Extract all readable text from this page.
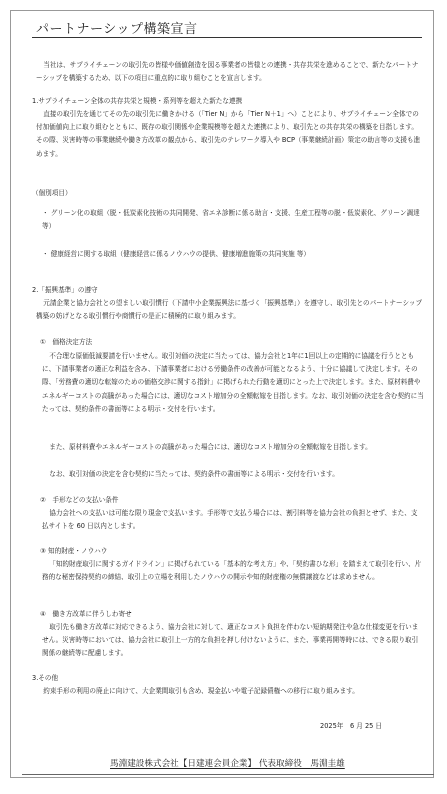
パートナーシップ構築宣言
当社は、サプライチェーンの取引先の皆様や価値創造を図る事業者の皆様との連携・共存共栄を進めることで、新たなパートナーシップを構築するため、以下の項目に重点的に取り組むことを宣言します。
1.サプライチェーン全体の共存共栄と規模・系列等を超えた新たな連携
直接の取引先を通じてその先の取引先に働きかける（「Tier N」から「Tier N＋1」へ）ことにより、サプライチェーン全体での付加価値向上に取り組むとともに、既存の取引関係や企業規模等を超えた連携により、取引先との共存共栄の構築を目指します。その際、災害時等の事業継続や働き方改革の観点から、取引先のテレワーク導入や BCP（事業継続計画）策定の助言等の支援も進めます。
（個別項目）
・ グリーン化の取組（脱・低炭素化技術の共同開発、省エネ診断に係る助言・支援、生産工程等の脱・低炭素化、グリーン調達 等）
・ 健康経営に関する取組（健康経営に係るノウハウの提供、健康増進施策の共同実施 等）
2.「振興基準」の遵守
元請企業と協力会社との望ましい取引慣行（下請中小企業振興法に基づく「振興基準」）を遵守し、取引先とのパートナーシップ構築の妨げとなる取引慣行や商慣行の是正に積極的に取り組みます。
①　価格決定方法
不合理な原価低減要請を行いません。取引対価の決定に当たっては、協力会社と1年に1回以上の定期的に協議を行うとともに、下請事業者の適正な利益を含み、下請事業者における労働条件の改善が可能となるよう、十分に協議して決定します。その際、「労務費の適切な転嫁のための価格交渉に関する指針」に掲げられた行動を適切にとった上で決定します。また、原材料費やエネルギーコストの高騰があった場合には、適切なコスト増加分の全額転嫁を目指します。なお、取引対価の決定を含む契約に当たっては、契約条件の書面等による明示・交付を行います。
また、原材料費やエネルギーコストの高騰があった場合には、適切なコスト増加分の全額転嫁を目指します。
なお、取引対価の決定を含む契約に当たっては、契約条件の書面等による明示・交付を行います。
②　手形などの支払い条件
協力会社への支払いは可能な限り現金で支払います。手形等で支払う場合には、割引料等を協力会社の負担とせず、また、支払サイトを 60 日以内とします。
③ 知的財産・ノウハウ
「知的財産取引に関するガイドライン」に掲げられている「基本的な考え方」や、「契約書ひな形」を踏まえて取引を行い、片務的な秘密保持契約の締結、取引上の立場を利用したノウハウの開示や知的財産権の無償譲渡などは求めません。
④　働き方改革に伴うしわ寄せ
取引先も働き方改革に対応できるよう、協力会社に対して、適正なコスト負担を伴わない短納期発注や急な仕様変更を行いません。災害時等においては、協力会社に取引上一方的な負担を押し付けないように、また、事業再開等時には、できる限り取引関係の継続等に配慮します。
3.その他
約束手形の利用の廃止に向けて、大企業間取引も含め、現金払いや電子記録債権への移行に取り組みます。
2025年　6 月 25 日
馬淵建設株式会社【日建連会員企業】 代表取締役　馬淵圭雄
